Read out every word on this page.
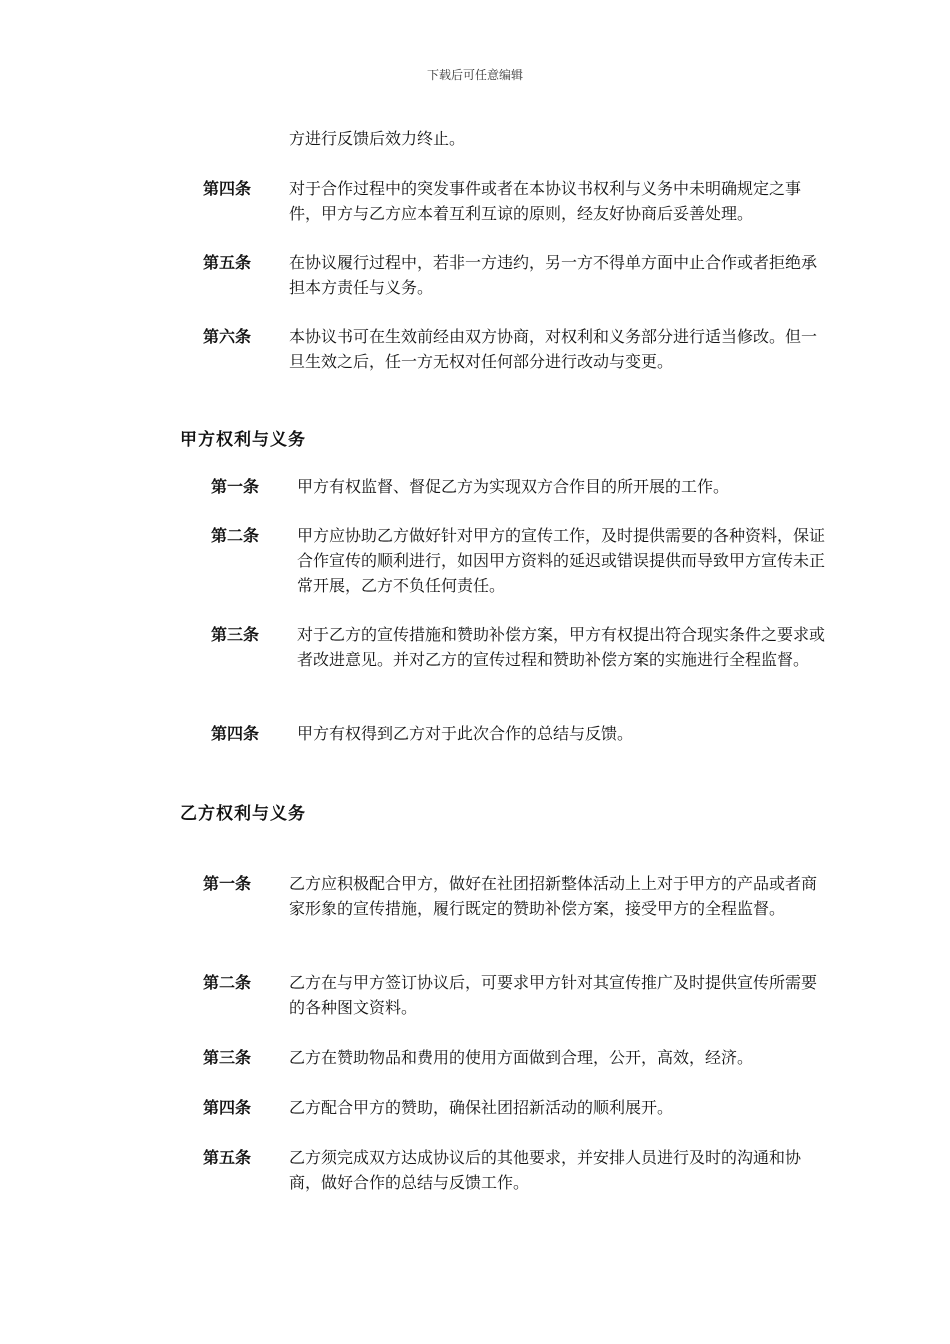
下载后可任意编辑
方进行反馈后效力终止。
第四条	对于合作过程中的突发事件或者在本协议书权利与义务中未明确规定之事件，甲方与乙方应本着互利互谅的原则，经友好协商后妥善处理。
第五条	在协议履行过程中，若非一方违约，另一方不得单方面中止合作或者拒绝承担本方责任与义务。
第六条	本协议书可在生效前经由双方协商，对权利和义务部分进行适当修改。但一旦生效之后，任一方无权对任何部分进行改动与变更。
甲方权利与义务
第一条	甲方有权监督、督促乙方为实现双方合作目的所开展的工作。
第二条	甲方应协助乙方做好针对甲方的宣传工作，及时提供需要的各种资料，保证合作宣传的顺利进行，如因甲方资料的延迟或错误提供而导致甲方宣传未正常开展，乙方不负任何责任。
第三条	对于乙方的宣传措施和赞助补偿方案，甲方有权提出符合现实条件之要求或者改进意见。并对乙方的宣传过程和赞助补偿方案的实施进行全程监督。
第四条	甲方有权得到乙方对于此次合作的总结与反馈。
乙方权利与义务
第一条	乙方应积极配合甲方，做好在社团招新整体活动上上对于甲方的产品或者商家形象的宣传措施，履行既定的赞助补偿方案，接受甲方的全程监督。
第二条	乙方在与甲方签订协议后，可要求甲方针对其宣传推广及时提供宣传所需要的各种图文资料。
第三条	乙方在赞助物品和费用的使用方面做到合理，公开，高效，经济。
第四条	乙方配合甲方的赞助，确保社团招新活动的顺利展开。
第五条	乙方须完成双方达成协议后的其他要求，并安排人员进行及时的沟通和协商，做好合作的总结与反馈工作。
